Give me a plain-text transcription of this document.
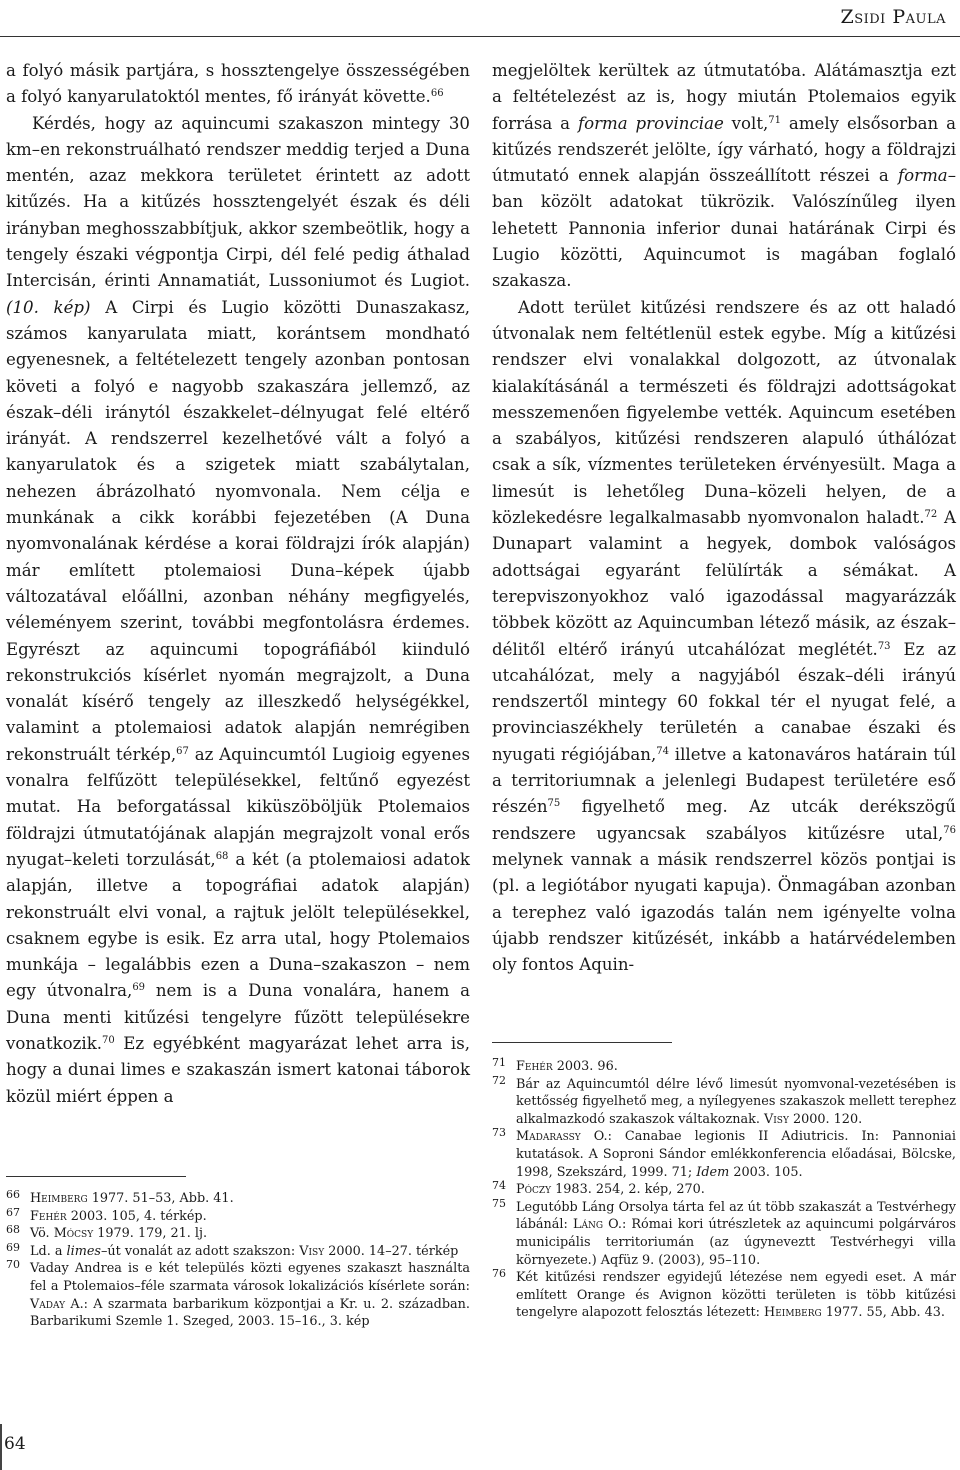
Zsidi Paula

a folyó másik partjára, s hossztengelye összességében a folyó kanyarulatoktól mentes, fő irányát követte.$^{66}$

Kérdés, hogy az aquincumi szakaszon mintegy 30 km–en rekonstruálható rendszer meddig terjed a Duna mentén, azaz mekkora területet érintett az adott kitűzés. Ha a kitűzés hossztengelyét észak és déli irányban meghosszabbítjuk, akkor szembeötlik, hogy a tengely északi végpontja Cirpi, dél felé pedig áthalad Intercisán, érinti Annamatiát, Lussoniumot és Lugiot. (10. kép) A Cirpi és Lugio közötti Dunaszakasz, számos kanyarulata miatt, korántsem mondható egyenesnek, a feltételezett tengely azonban pontosan követi a folyó e nagyobb szakaszára jellemző, az észak–déli iránytól északkelet–délnyugat felé eltérő irányát. A rendszerrel kezelhetővé vált a folyó a kanyarulatok és a szigetek miatt szabálytalan, nehezen ábrázolható nyomvonala. Nem célja e munkának a cikk korábbi fejezetében (A Duna nyomvonalának kérdése a korai földrajzi írók alapján) már említett ptolemaiosi Duna–képek újabb változatával előállni, azonban néhány megfigyelés, véleményem szerint, további megfontolásra érdemes. Egyrészt az aquincumi topográfiából kiinduló rekonstrukciós kísérlet nyomán megrajzolt, a Duna vonalát kísérő tengely az illeszkedő helységékkel, valamint a ptolemaiosi adatok alapján nemrégiben rekonstruált térkép,$^{67}$ az Aquincumtól Lugioig egyenes vonalra felfűzött településekkel, feltűnő egyezést mutat. Ha beforgatással kiküszöböljük Ptolemaios földrajzi útmutatójának alapján megrajzolt vonal erős nyugat–keleti torzulását,$^{68}$ a két (a ptolemaiosi adatok alapján, illetve a topográfiai adatok alapján) rekonstruált elvi vonal, a rajtuk jelölt településekkel, csaknem egybe is esik. Ez arra utal, hogy Ptolemaios munkája – legalábbis ezen a Duna–szakaszon – nem egy útvonalra,$^{69}$ nem is a Duna vonalára, hanem a Duna menti kitűzési tengelyre fűzött településekre vonatkozik.$^{70}$ Ez egyébként magyarázat lehet arra is, hogy a dunai limes e szakaszán ismert katonai táborok közül miért éppen a

megjelöltek kerültek az útmutatóba. Alátámasztja ezt a feltételezést az is, hogy miután Ptolemaios egyik forrása a forma provinciae volt,$^{71}$ amely elsősorban a kitűzés rendszerét jelölte, így várható, hogy a földrajzi útmutató ennek alapján összeállított részei a forma–ban közölt adatokat tükrözik. Valószínűleg ilyen lehetett Pannonia inferior dunai határának Cirpi és Lugio közötti, Aquincumot is magában foglaló szakasza.

Adott terület kitűzési rendszere és az ott haladó útvonalak nem feltétlenül estek egybe. Míg a kitűzési rendszer elvi vonalakkal dolgozott, az útvonalak kialakításánál a természeti és földrajzi adottságokat messzemenően figyelembe vették. Aquincum esetében a szabályos, kitűzési rendszeren alapuló úthálózat csak a sík, vízmentes területeken érvényesült. Maga a limesút is lehetőleg Duna–közeli helyen, de a közlekedésre legalkalmasabb nyomvonalon haladt.$^{72}$ A Dunapart valamint a hegyek, dombok valóságos adottságai egyaránt felülírták a sémákat. A terepviszonyokhoz való igazodással magyarázzák többek között az Aquincumban létező másik, az észak–délitől eltérő irányú utcahálózat meglétét.$^{73}$ Ez az utcahálózat, mely a nagyjából észak–déli irányú rendszertől mintegy 60 fokkal tér el nyugat felé, a provinciaszékhely területén a canabae északi és nyugati régiójában,$^{74}$ illetve a katonaváros határain túl a territoriumnak a jelenlegi Budapest területére eső részén$^{75}$ figyelhető meg. Az utcák derékszögű rendszere ugyancsak szabályos kitűzésre utal,$^{76}$ melynek vannak a másik rendszerrel közös pontjai is (pl. a legiótábor nyugati kapuja). Önmagában azonban a terephez való igazodás talán nem igényelte volna újabb rendszer kitűzését, inkább a határvédelemben oly fontos Aquin-

71 Fehér 2003. 96.
72 Bár az Aquincumtól délre lévő limesút nyomvonal-vezetésében is kettősség figyelhető meg, a nyílegyenes szakaszok mellett terephez alkalmazkodó szakaszok váltakoznak. Visy 2000. 120.
73 Madarassy O.: Canabae legionis II Adiutricis. In: Pannoniai kutatások. A Soproni Sándor emlékkonferencia előadásai, Bölcske, 1998, Szekszárd, 1999. 71; Idem 2003. 105.
74 Póczy 1983. 254, 2. kép, 270.
75 Legutóbb Láng Orsolya tárta fel az út több szakaszát a Testvérhegy lábánál: Láng O.: Római kori útrészletek az aquincumi polgárváros municipális territoriumán (az úgyneveztt Testvérhegyi villa környezete.) Aqfüz 9. (2003), 95–110.
76 Két kitűzési rendszer egyidejű létezése nem egyedi eset. A már említett Orange és Avignon közötti területen is több kitűzési tengelyre alapozott felosztás létezett: Heimberg 1977. 55, Abb. 43.
66 Heimberg 1977. 51–53, Abb. 41.
67 Fehér 2003. 105, 4. térkép.
68 Vö. Mócsy 1979. 179, 21. lj.
69 Ld. a limes–út vonalát az adott szakszon: Visy 2000. 14–27. térkép
70 Vaday Andrea is e két település közti egyenes szakaszt használta fel a Ptolemaios–féle szarmata városok lokalizációs kísérlete során: Vaday A.: A szarmata barbarikum központjai a Kr. u. 2. században. Barbarikumi Szemle 1. Szeged, 2003. 15–16., 3. kép
64
